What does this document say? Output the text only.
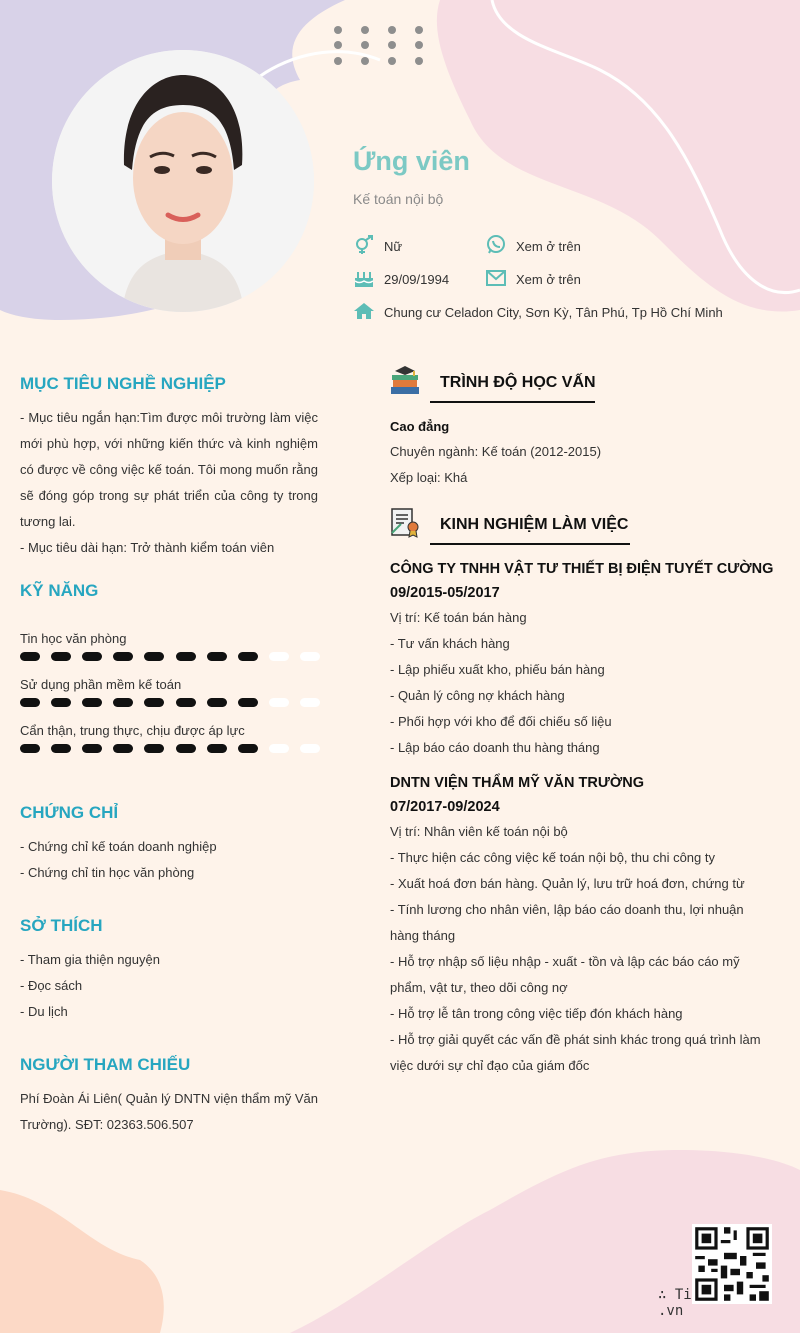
Ứng viên
Kế toán nội bộ
Nữ	Xem ở trên
29/09/1994	Xem ở trên
Chung cư Celadon City, Sơn Kỳ, Tân Phú, Tp Hồ Chí Minh
MỤC TIÊU NGHỀ NGHIỆP
- Mục tiêu ngắn hạn:Tìm được môi trường làm việc mới phù hợp, với những kiến thức và kinh nghiệm có được về công việc kế toán. Tôi mong muốn rằng sẽ đóng góp trong sự phát triển của công ty trong tương lai.
- Mục tiêu dài hạn: Trở thành kiểm toán viên
KỸ NĂNG
Tin học văn phòng
Sử dụng phần mềm kế toán
Cẩn thận, trung thực, chịu được áp lực
CHỨNG CHỈ
- Chứng chỉ kế toán doanh nghiệp
- Chứng chỉ tin học văn phòng
SỞ THÍCH
- Tham gia thiện nguyện
- Đọc sách
- Du lịch
NGƯỜI THAM CHIẾU
Phí Đoàn Ái Liên( Quản lý DNTN viện thẩm mỹ Văn Trường). SĐT: 02363.506.507
TRÌNH ĐỘ HỌC VẤN
Cao đẳng
Chuyên ngành: Kế toán (2012-2015)
Xếp loại: Khá
KINH NGHIỆM LÀM VIỆC
CÔNG TY TNHH VẬT TƯ THIẾT BỊ ĐIỆN TUYẾT CƯỜNG
09/2015-05/2017
Vị trí: Kế toán bán hàng
- Tư vấn khách hàng
- Lập phiếu xuất kho, phiếu bán hàng
- Quản lý công nợ khách hàng
- Phối hợp với kho để đối chiếu số liệu
- Lập báo cáo doanh thu hàng tháng
DNTN VIỆN THẨM MỸ VĂN TRƯỜNG
07/2017-09/2024
Vị trí: Nhân viên kế toán nội bộ
- Thực hiện các công việc kế toán nội bộ, thu chi công ty
- Xuất hoá đơn bán hàng. Quản lý, lưu trữ hoá đơn, chứng từ
- Tính lương cho nhân viên, lập báo cáo doanh thu, lợi nhuận hàng tháng
- Hỗ trợ nhập số liệu nhập - xuất - tồn và lập các báo cáo mỹ phẩm, vật tư, theo dõi công nợ
- Hỗ trợ lễ tân trong công việc tiếp đón khách hàng
- Hỗ trợ giải quyết các vấn đề phát sinh khác trong quá trình làm việc dưới sự chỉ đạo của giám đốc
∴ Ti.vn
